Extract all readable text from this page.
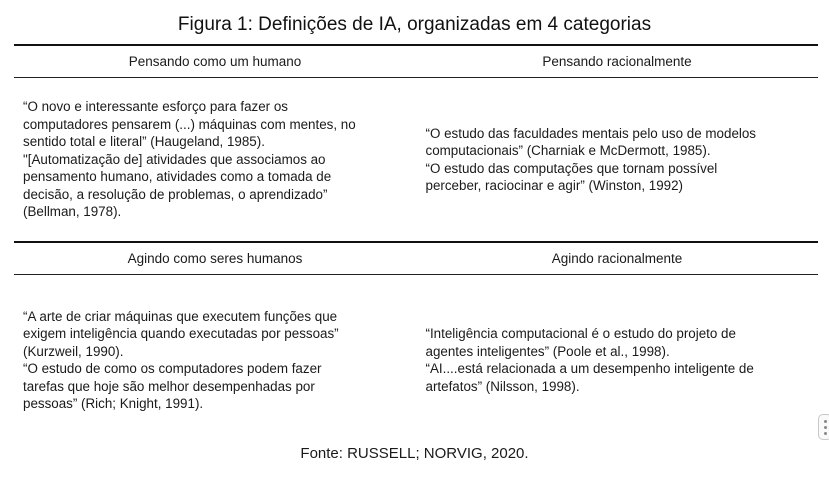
Figura 1: Definições de IA, organizadas em 4 categorias
Pensando como um humano	Pensando racionalmente

“O novo e interessante esforço para fazer os

computadores pensarem (...) máquinas com mentes, no

sentido total e literal” (Haugeland, 1985).

"[Automatização de] atividades que associamos ao

pensamento humano, atividades como a tomada de

decisão, a resolução de problemas, o aprendizado”

(Bellman, 1978).

“O estudo das faculdades mentais pelo uso de modelos

computacionais” (Charniak e McDermott, 1985).

“O estudo das computações que tornam possível

perceber, raciocinar e agir” (Winston, 1992)

Agindo como seres humanos	Agindo racionalmente

“A arte de criar máquinas que executem funções que

exigem inteligência quando executadas por pessoas”

(Kurzweil, 1990).

“O estudo de como os computadores podem fazer

tarefas que hoje são melhor desempenhadas por

pessoas” (Rich; Knight, 1991).

“Inteligência computacional é o estudo do projeto de

agentes inteligentes” (Poole et al., 1998).

“AI....está relacionada a um desempenho inteligente de

artefatos” (Nilsson, 1998).

Fonte: RUSSELL; NORVIG, 2020.
